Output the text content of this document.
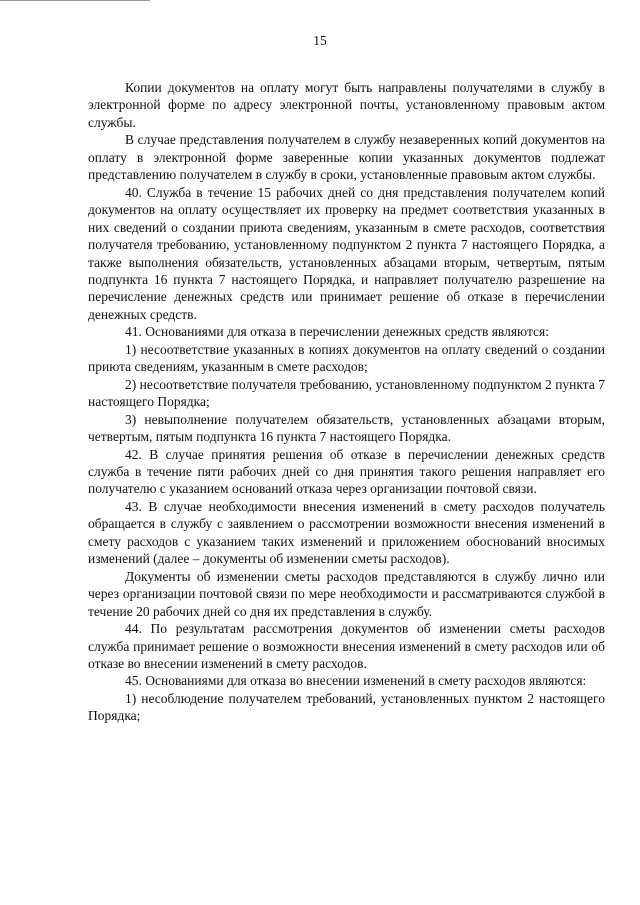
15

Копии документов на оплату могут быть направлены получателями в службу в электронной форме по адресу электронной почты, установленному правовым актом службы.

В случае представления получателем в службу незаверенных копий документов на оплату в электронной форме заверенные копии указанных документов подлежат представлению получателем в службу в сроки, установленные правовым актом службы.

40. Служба в течение 15 рабочих дней со дня представления получателем копий документов на оплату осуществляет их проверку на предмет соответствия указанных в них сведений о создании приюта сведениям, указанным в смете расходов, соответствия получателя требованию, установленному подпунктом 2 пункта 7 настоящего Порядка, а также выполнения обязательств, установленных абзацами вторым, четвертым, пятым подпункта 16 пункта 7 настоящего Порядка, и направляет получателю разрешение на перечисление денежных средств или принимает решение об отказе в перечислении денежных средств.

41. Основаниями для отказа в перечислении денежных средств являются:

1) несоответствие указанных в копиях документов на оплату сведений о создании приюта сведениям, указанным в смете расходов;

2) несоответствие получателя требованию, установленному подпунктом 2 пункта 7 настоящего Порядка;

3) невыполнение получателем обязательств, установленных абзацами вторым, четвертым, пятым подпункта 16 пункта 7 настоящего Порядка.

42. В случае принятия решения об отказе в перечислении денежных средств служба в течение пяти рабочих дней со дня принятия такого решения направляет его получателю с указанием оснований отказа через организации почтовой связи.

43. В случае необходимости внесения изменений в смету расходов получатель обращается в службу с заявлением о рассмотрении возможности внесения изменений в смету расходов с указанием таких изменений и приложением обоснований вносимых изменений (далее – документы об изменении сметы расходов).

Документы об изменении сметы расходов представляются в службу лично или через организации почтовой связи по мере необходимости и рассматриваются службой в течение 20 рабочих дней со дня их представления в службу.

44. По результатам рассмотрения документов об изменении сметы расходов служба принимает решение о возможности внесения изменений в смету расходов или об отказе во внесении изменений в смету расходов.

45. Основаниями для отказа во внесении изменений в смету расходов являются:

1) несоблюдение получателем требований, установленных пунктом 2 настоящего Порядка;
